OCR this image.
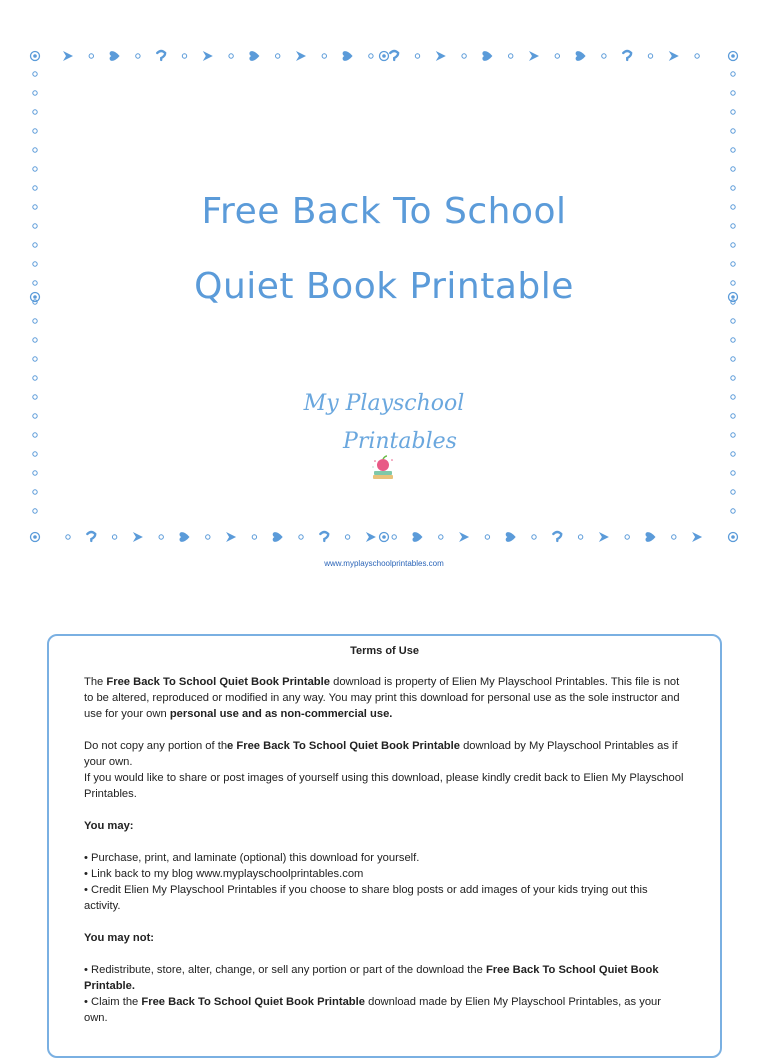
Free Back To School
Quiet Book Printable
My Playschool
Printables
www.myplayschoolprintables.com
Terms of Use

The Free Back To School Quiet Book Printable download is property of Elien My Playschool Printables. This file is not to be altered, reproduced or modified in any way. You may print this download for personal use as the sole instructor and use for your own personal use and as non-commercial use.

Do not copy any portion of the Free Back To School Quiet Book Printable download by My Playschool Printables as if your own.
If you would like to share or post images of yourself using this download, please kindly credit back to Elien My Playschool Printables.

You may:

• Purchase, print, and laminate (optional) this download for yourself.
• Link back to my blog www.myplayschoolprintables.com
• Credit Elien My Playschool Printables if you choose to share blog posts or add images of your kids trying out this activity.

You may not:

• Redistribute, store, alter, change, or sell any portion or part of the download the Free Back To School Quiet Book Printable.
• Claim the Free Back To School Quiet Book Printable download made by Elien My Playschool Printables, as your own.
